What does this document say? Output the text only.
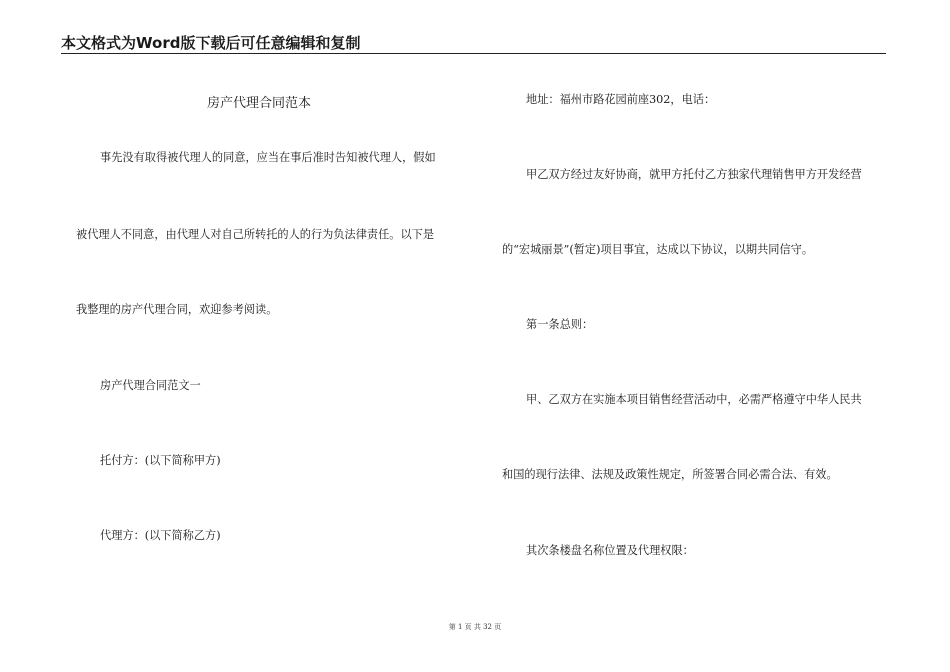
本文格式为Word版下载后可任意编辑和复制
房产代理合同范本
事先没有取得被代理人的同意，应当在事后准时告知被代理人，假如
被代理人不同意，由代理人对自己所转托的人的行为负法律责任。以下是
我整理的房产代理合同，欢迎参考阅读。
房产代理合同范文一
托付方：(以下简称甲方)
代理方：(以下简称乙方)
地址：福州市路花园前座302，电话：
甲乙双方经过友好协商，就甲方托付乙方独家代理销售甲方开发经营
的“宏城丽景”(暂定)项目事宜，达成以下协议，以期共同信守。
第一条总则：
甲、乙双方在实施本项目销售经营活动中，必需严格遵守中华人民共
和国的现行法律、法规及政策性规定，所签署合同必需合法、有效。
其次条楼盘名称位置及代理权限：
第 1 页 共 32 页
